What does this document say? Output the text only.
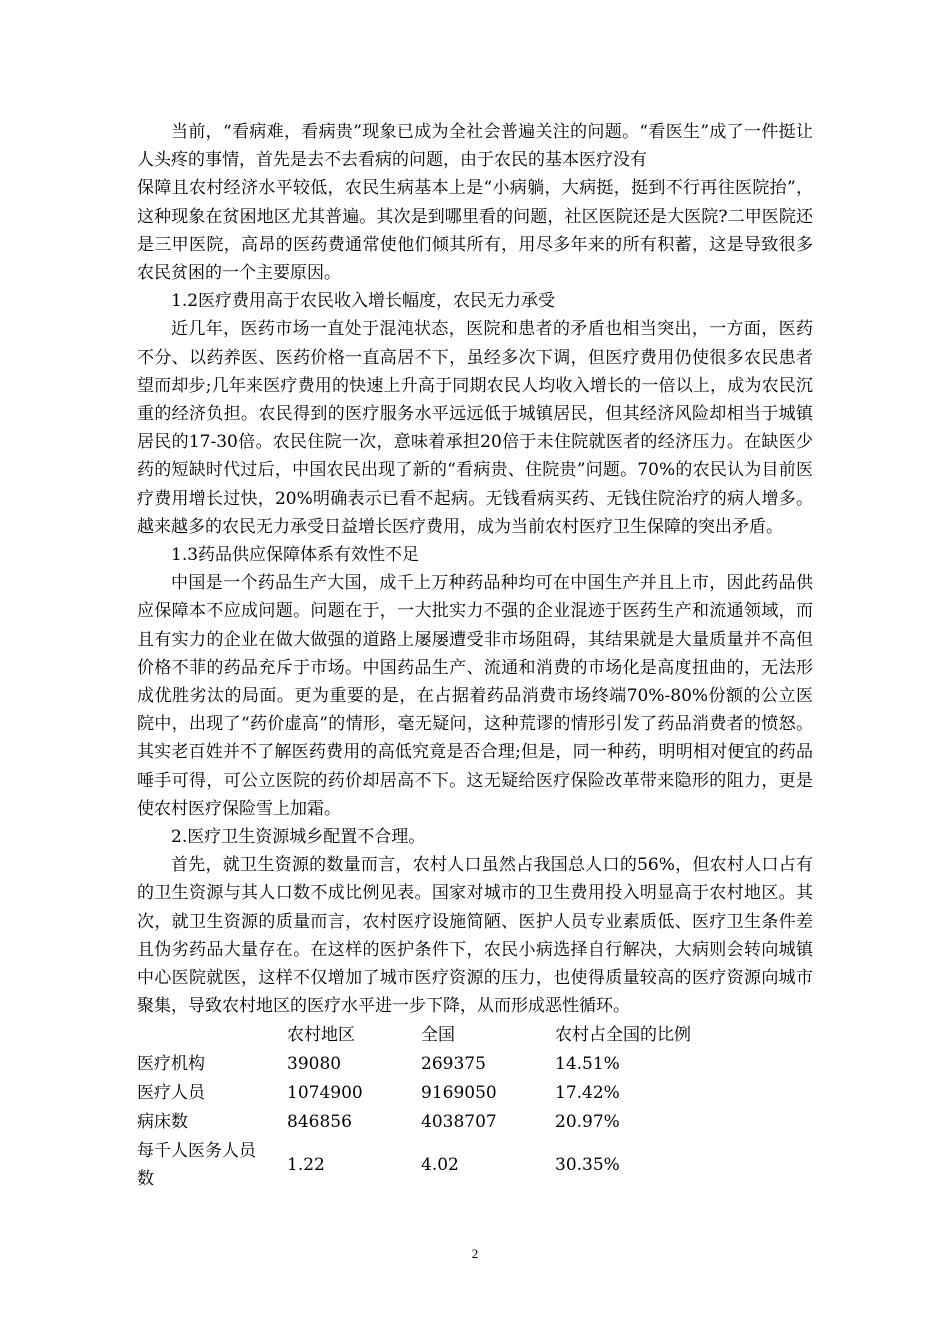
当前，“看病难，看病贵”现象已成为全社会普遍关注的问题。“看医生”成了一件挺让人头疼的事情，首先是去不去看病的问题，由于农民的基本医疗没有

保障且农村经济水平较低，农民生病基本上是“小病躺，大病挺，挺到不行再往医院抬”，这种现象在贫困地区尤其普遍。其次是到哪里看的问题，社区医院还是大医院?二甲医院还是三甲医院，高昂的医药费通常使他们倾其所有，用尽多年来的所有积蓄，这是导致很多农民贫困的一个主要原因。

1.2医疗费用高于农民收入增长幅度，农民无力承受

近几年，医药市场一直处于混沌状态，医院和患者的矛盾也相当突出，一方面，医药不分、以药养医、医药价格一直高居不下，虽经多次下调，但医疗费用仍使很多农民患者望而却步;几年来医疗费用的快速上升高于同期农民人均收入增长的一倍以上，成为农民沉重的经济负担。农民得到的医疗服务水平远远低于城镇居民，但其经济风险却相当于城镇居民的17-30倍。农民住院一次，意味着承担20倍于未住院就医者的经济压力。在缺医少药的短缺时代过后，中国农民出现了新的“看病贵、住院贵”问题。70%的农民认为目前医疗费用增长过快，20%明确表示已看不起病。无钱看病买药、无钱住院治疗的病人增多。越来越多的农民无力承受日益增长医疗费用，成为当前农村医疗卫生保障的突出矛盾。

1.3药品供应保障体系有效性不足

中国是一个药品生产大国，成千上万种药品种均可在中国生产并且上市，因此药品供应保障本不应成问题。问题在于，一大批实力不强的企业混迹于医药生产和流通领域，而且有实力的企业在做大做强的道路上屡屡遭受非市场阻碍，其结果就是大量质量并不高但价格不菲的药品充斥于市场。中国药品生产、流通和消费的市场化是高度扭曲的，无法形成优胜劣汰的局面。更为重要的是，在占据着药品消费市场终端70%-80%份额的公立医院中，出现了“药价虚高”的情形，毫无疑问，这种荒谬的情形引发了药品消费者的愤怒。其实老百姓并不了解医药费用的高低究竟是否合理;但是，同一种药，明明相对便宜的药品唾手可得，可公立医院的药价却居高不下。这无疑给医疗保险改革带来隐形的阻力，更是使农村医疗保险雪上加霜。

2.医疗卫生资源城乡配置不合理。

首先，就卫生资源的数量而言，农村人口虽然占我国总人口的56%，但农村人口占有的卫生资源与其人口数不成比例见表。国家对城市的卫生费用投入明显高于农村地区。其次，就卫生资源的质量而言，农村医疗设施简陋、医护人员专业素质低、医疗卫生条件差且伪劣药品大量存在。在这样的医护条件下，农民小病选择自行解决，大病则会转向城镇中心医院就医，这样不仅增加了城市医疗资源的压力，也使得质量较高的医疗资源向城市聚集，导致农村地区的医疗水平进一步下降，从而形成恶性循环。

	农村地区	全国	农村占全国的比例
医疗机构	39080	269375	14.51%
医疗人员	1074900	9169050	17.42%
病床数	846856	4038707	20.97%
每千人医务人员数	1.22	4.02	30.35%
2
